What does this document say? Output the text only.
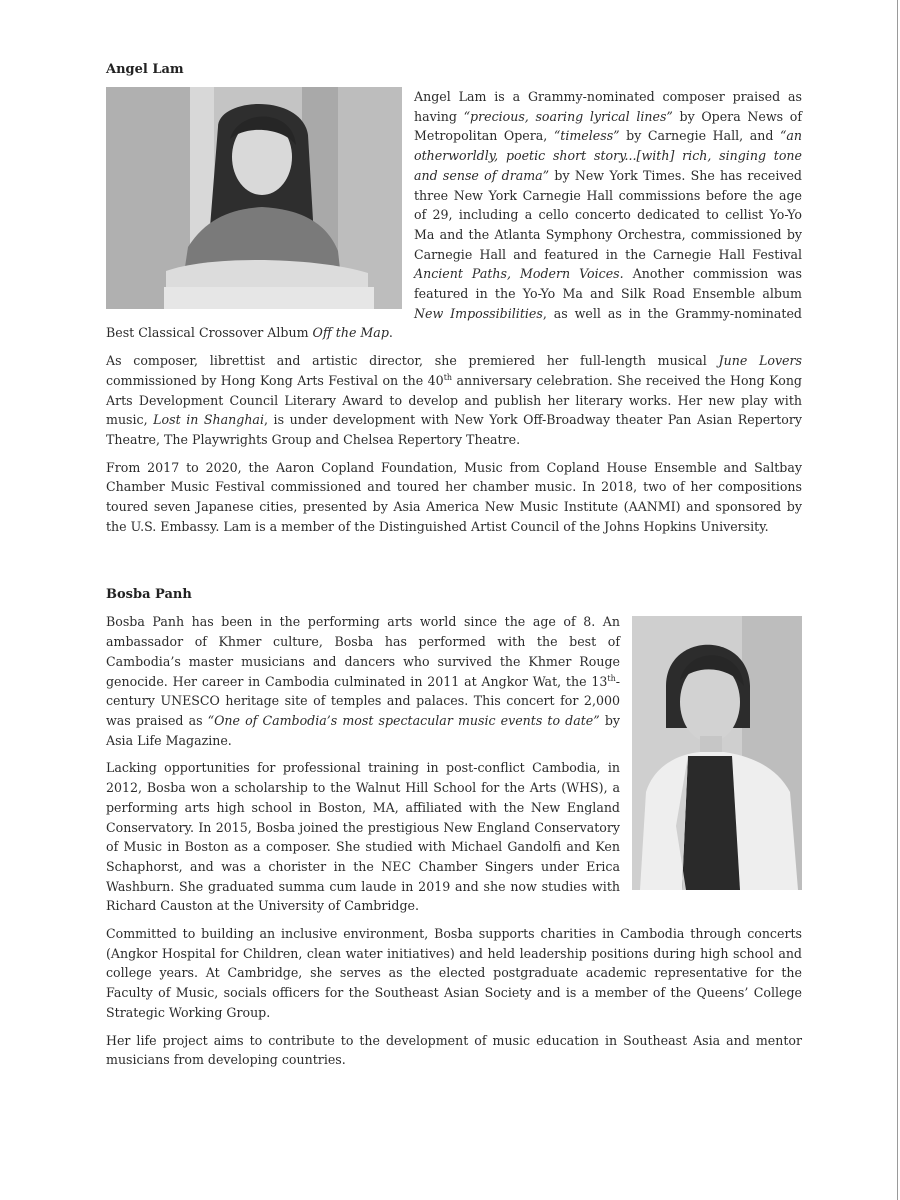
Angel Lam

Angel Lam is a Grammy-nominated composer praised as having “precious, soaring lyrical lines” by Opera News of Metropolitan Opera, “timeless” by Carnegie Hall, and “an otherworldly, poetic short story...[with] rich, singing tone and sense of drama” by New York Times. She has received three New York Carnegie Hall commissions before the age of 29, including a cello concerto dedicated to cellist Yo-Yo Ma and the Atlanta Symphony Orchestra, commissioned by Carnegie Hall and featured in the Carnegie Hall Festival Ancient Paths, Modern Voices. Another commission was featured in the Yo-Yo Ma and Silk Road Ensemble album New Impossibilities, as well as in the Grammy-nominated Best Classical Crossover Album Off the Map.

As composer, librettist and artistic director, she premiered her full-length musical June Lovers commissioned by Hong Kong Arts Festival on the 40th anniversary celebration. She received the Hong Kong Arts Development Council Literary Award to develop and publish her literary works. Her new play with music, Lost in Shanghai, is under development with New York Off-Broadway theater Pan Asian Repertory Theatre, The Playwrights Group and Chelsea Repertory Theatre.

From 2017 to 2020, the Aaron Copland Foundation, Music from Copland House Ensemble and Saltbay Chamber Music Festival commissioned and toured her chamber music. In 2018, two of her compositions toured seven Japanese cities, presented by Asia America New Music Institute (AANMI) and sponsored by the U.S. Embassy. Lam is a member of the Distinguished Artist Council of the Johns Hopkins University.

Bosba Panh

Bosba Panh has been in the performing arts world since the age of 8. An ambassador of Khmer culture, Bosba has performed with the best of Cambodia’s master musicians and dancers who survived the Khmer Rouge genocide. Her career in Cambodia culminated in 2011 at Angkor Wat, the 13th-century UNESCO heritage site of temples and palaces. This concert for 2,000 was praised as “One of Cambodia’s most spectacular music events to date” by Asia Life Magazine.

Lacking opportunities for professional training in post-conflict Cambodia, in 2012, Bosba won a scholarship to the Walnut Hill School for the Arts (WHS), a performing arts high school in Boston, MA, affiliated with the New England Conservatory. In 2015, Bosba joined the prestigious New England Conservatory of Music in Boston as a composer. She studied with Michael Gandolfi and Ken Schaphorst, and was a chorister in the NEC Chamber Singers under Erica Washburn. She graduated summa cum laude in 2019 and she now studies with Richard Causton at the University of Cambridge.

Committed to building an inclusive environment, Bosba supports charities in Cambodia through concerts (Angkor Hospital for Children, clean water initiatives) and held leadership positions during high school and college years. At Cambridge, she serves as the elected postgraduate academic representative for the Faculty of Music, socials officers for the Southeast Asian Society and is a member of the Queens’ College Strategic Working Group.

Her life project aims to contribute to the development of music education in Southeast Asia and mentor musicians from developing countries.
